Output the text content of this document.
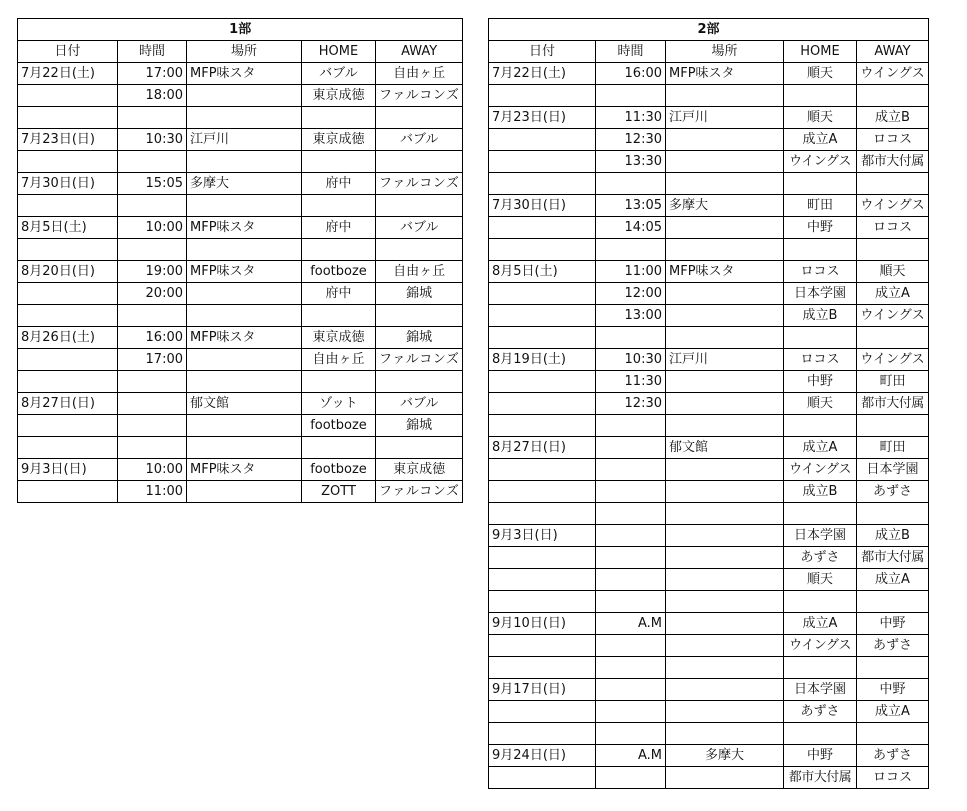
1部				
日付	時間	場所	HOME	AWAY
7月22日(土)	17:00	MFP味スタ	バブル	自由ヶ丘
	18:00		東京成徳	ファルコンズ

7月23日(日)	10:30	江戸川	東京成徳	バブル

7月30日(日)	15:05	多摩大	府中	ファルコンズ

8月5日(土)	10:00	MFP味スタ	府中	バブル

8月20日(日)	19:00	MFP味スタ	footboze	自由ヶ丘
	20:00		府中	錦城

8月26日(土)	16:00	MFP味スタ	東京成徳	錦城
	17:00		自由ヶ丘	ファルコンズ

8月27日(日)		郁文館	ゾット	バブル
			footboze	錦城

9月3日(日)	10:00	MFP味スタ	footboze	東京成徳
	11:00		ZOTT	ファルコンズ
2部				
日付	時間	場所	HOME	AWAY
7月22日(土)	16:00	MFP味スタ	順天	ウイングス

7月23日(日)	11:30	江戸川	順天	成立B
	12:30		成立A	ロコス
	13:30		ウイングス	都市大付属

7月30日(日)	13:05	多摩大	町田	ウイングス
	14:05		中野	ロコス

8月5日(土)	11:00	MFP味スタ	ロコス	順天
	12:00		日本学園	成立A
	13:00		成立B	ウイングス

8月19日(土)	10:30	江戸川	ロコス	ウイングス
	11:30		中野	町田
	12:30		順天	都市大付属

8月27日(日)		郁文館	成立A	町田
			ウイングス	日本学園
			成立B	あずさ

9月3日(日)			日本学園	成立B
			あずさ	都市大付属
			順天	成立A

9月10日(日)	A.M		成立A	中野
			ウイングス	あずさ

9月17日(日)			日本学園	中野
			あずさ	成立A

9月24日(日)	A.M	多摩大	中野	あずさ
			都市大付属	ロコス
